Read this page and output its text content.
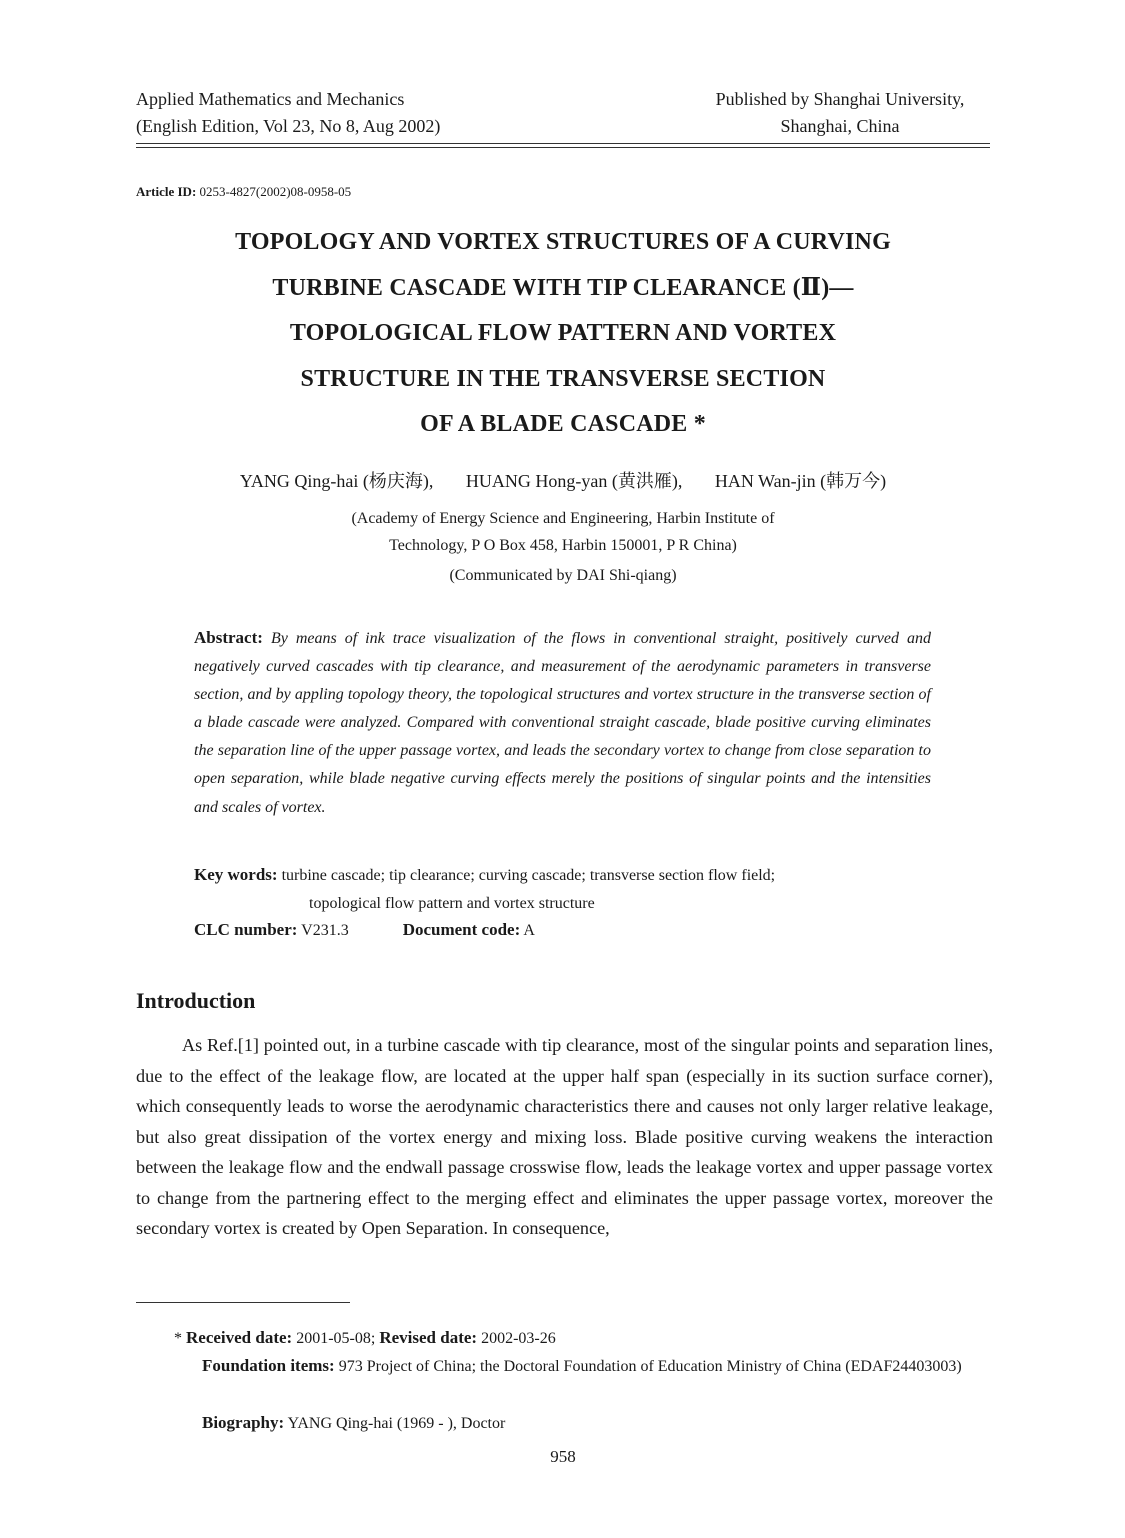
Applied Mathematics and Mechanics
(English Edition, Vol 23, No 8, Aug 2002)
Published by Shanghai University,
Shanghai, China
Article ID: 0253-4827(2002)08-0958-05
TOPOLOGY AND VORTEX STRUCTURES OF A CURVING
TURBINE CASCADE WITH TIP CLEARANCE (Ⅱ)—
TOPOLOGICAL FLOW PATTERN AND VORTEX
STRUCTURE IN THE TRANSVERSE SECTION
OF A BLADE CASCADE *
YANG Qing-hai (杨庆海), HUANG Hong-yan (黄洪雁), HAN Wan-jin (韩万今)
(Academy of Energy Science and Engineering, Harbin Institute of
Technology, P O Box 458, Harbin 150001, P R China)
(Communicated by DAI Shi-qiang)
Abstract: By means of ink trace visualization of the flows in conventional straight, positively curved and negatively curved cascades with tip clearance, and measurement of the aerodynamic parameters in transverse section, and by appling topology theory, the topological structures and vortex structure in the transverse section of a blade cascade were analyzed. Compared with conventional straight cascade, blade positive curving eliminates the separation line of the upper passage vortex, and leads the secondary vortex to change from close separation to open separation, while blade negative curving effects merely the positions of singular points and the intensities and scales of vortex.
Key words: turbine cascade; tip clearance; curving cascade; transverse section flow field;
topological flow pattern and vortex structure
CLC number: V231.3	Document code: A
Introduction
As Ref.[1] pointed out, in a turbine cascade with tip clearance, most of the singular points and separation lines, due to the effect of the leakage flow, are located at the upper half span (especially in its suction surface corner), which consequently leads to worse the aerodynamic characteristics there and causes not only larger relative leakage, but also great dissipation of the vortex energy and mixing loss. Blade positive curving weakens the interaction between the leakage flow and the endwall passage crosswise flow, leads the leakage vortex and upper passage vortex to change from the partnering effect to the merging effect and eliminates the upper passage vortex, moreover the secondary vortex is created by Open Separation. In consequence,
* Received date: 2001-05-08; Revised date: 2002-03-26
Foundation items: 973 Project of China; the Doctoral Foundation of Education Ministry of China (EDAF24403003)
Biography: YANG Qing-hai (1969 - ), Doctor
958
